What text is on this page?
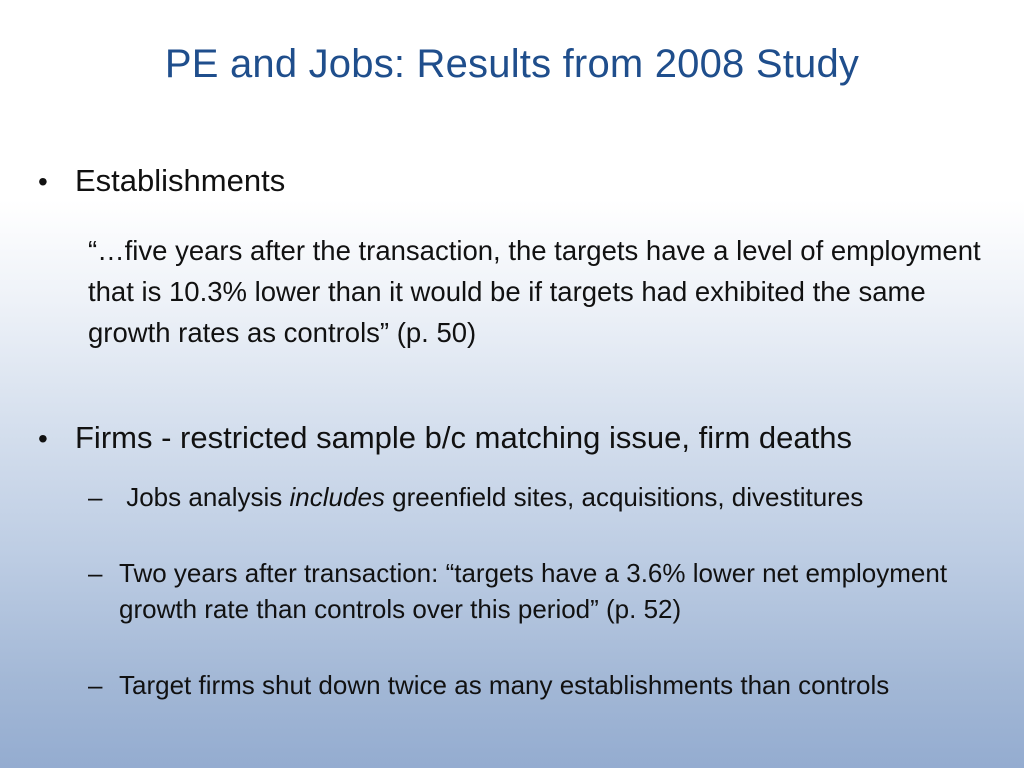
PE and Jobs: Results from 2008 Study
• Establishments
“…five years after the transaction, the targets have a level of employment that is 10.3% lower than it would be if targets had exhibited the same growth rates as controls” (p. 50)
• Firms - restricted sample b/c matching issue, firm deaths
– Jobs analysis includes greenfield sites, acquisitions, divestitures
– Two years after transaction: “targets have a 3.6% lower net employment growth rate than controls over this period” (p. 52)
– Target firms shut down twice as many establishments than controls
